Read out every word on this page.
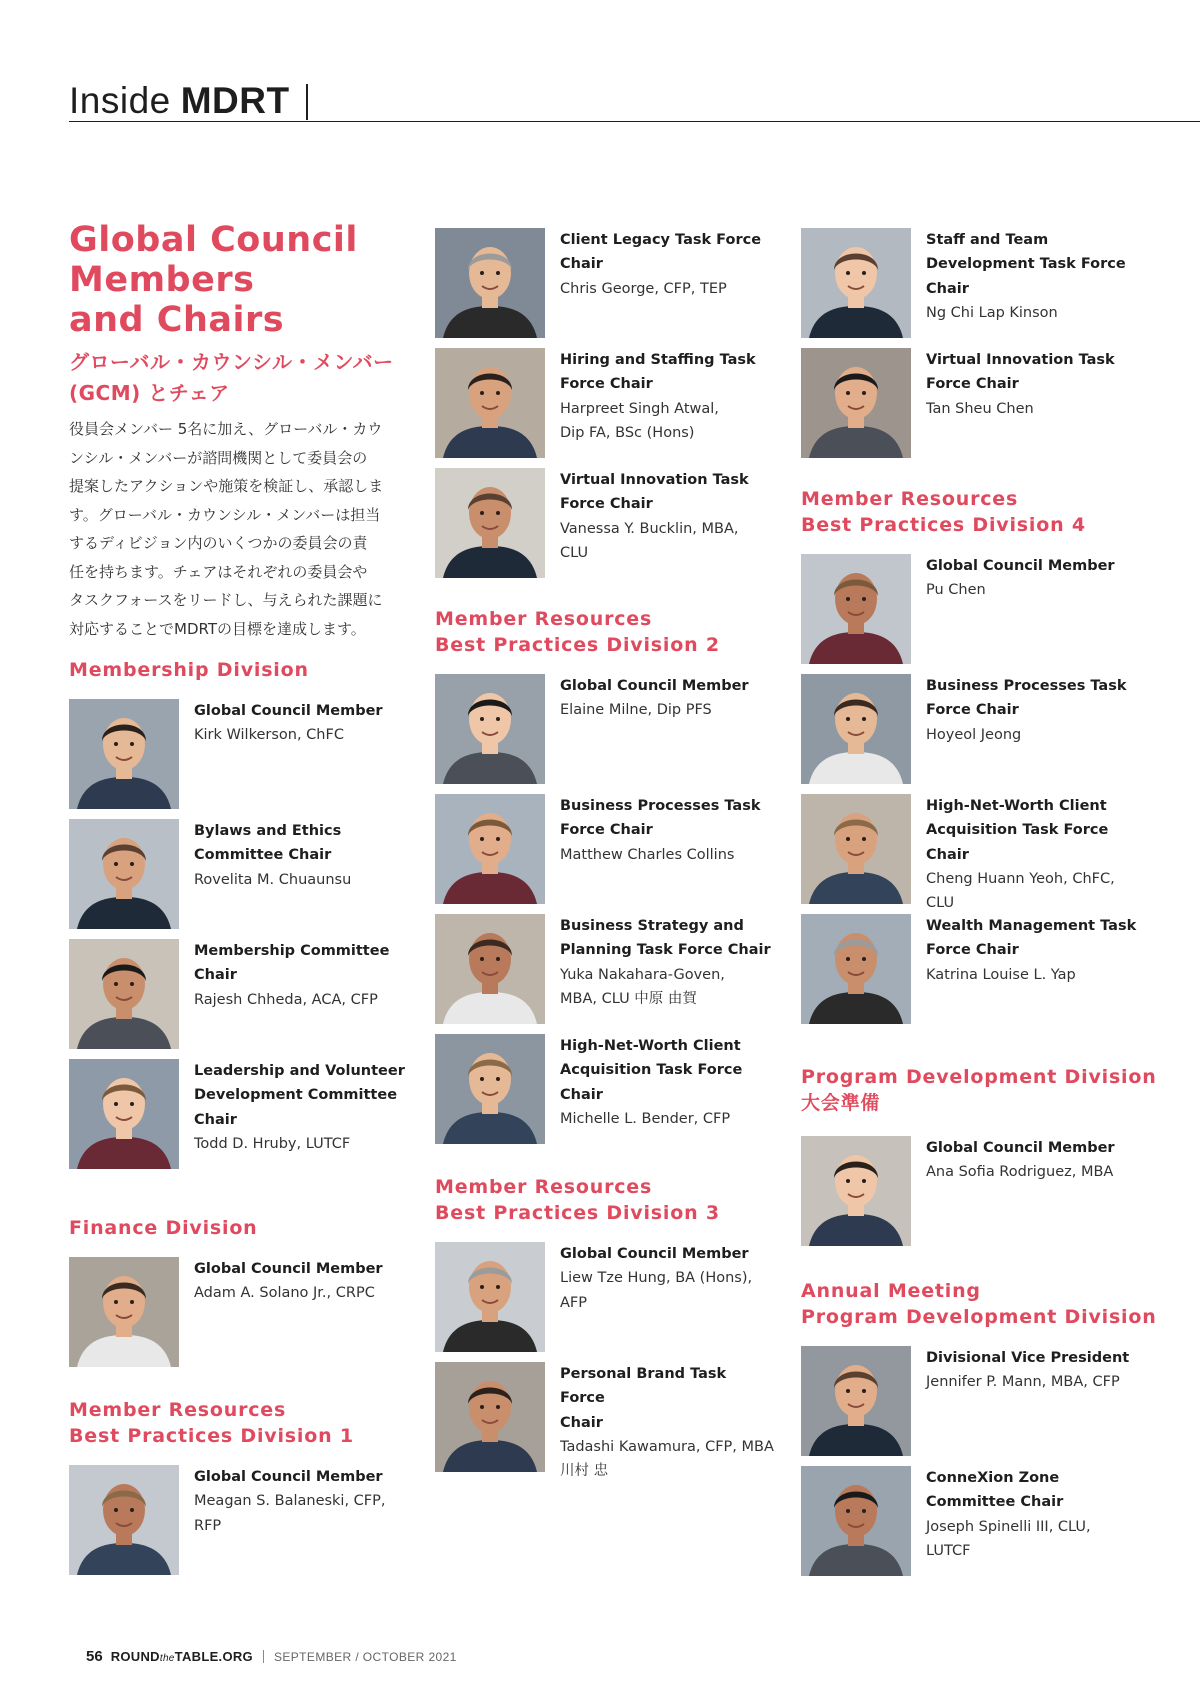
Inside MDRT
Global Council
Members
and Chairs
グローバル・カウンシル・メンバー
(GCM) とチェア
役員会メンバー 5名に加え、グローバル・カウ
ンシル・メンバーが諮問機関として委員会の
提案したアクションや施策を検証し、承認しま
す。グローバル・カウンシル・メンバーは担当
するディビジョン内のいくつかの委員会の責
任を持ちます。チェアはそれぞれの委員会や
タスクフォースをリードし、与えられた課題に
対応することでMDRTの目標を達成します。
Membership Division
Global Council Member
Kirk Wilkerson, ChFC
Bylaws and Ethics
Committee Chair
Rovelita M. Chuaunsu
Membership Committee
Chair
Rajesh Chheda, ACA, CFP
Leadership and Volunteer
Development Committee
Chair
Todd D. Hruby, LUTCF
Finance Division
Global Council Member
Adam A. Solano Jr., CRPC
Member Resources
Best Practices Division 1
Global Council Member
Meagan S. Balaneski, CFP,
RFP
Client Legacy Task Force
Chair
Chris George, CFP, TEP
Hiring and Staffing Task
Force Chair
Harpreet Singh Atwal,
Dip FA, BSc (Hons)
Virtual Innovation Task
Force Chair
Vanessa Y. Bucklin, MBA,
CLU
Member Resources
Best Practices Division 2
Global Council Member
Elaine Milne, Dip PFS
Business Processes Task
Force Chair
Matthew Charles Collins
Business Strategy and
Planning Task Force Chair
Yuka Nakahara-Goven,
MBA, CLU 中原 由賀
High-Net-Worth Client
Acquisition Task Force
Chair
Michelle L. Bender, CFP
Member Resources
Best Practices Division 3
Global Council Member
Liew Tze Hung, BA (Hons),
AFP
Personal Brand Task Force
Chair
Tadashi Kawamura, CFP, MBA
川村 忠
Staff and Team
Development Task Force
Chair
Ng Chi Lap Kinson
Virtual Innovation Task
Force Chair
Tan Sheu Chen
Member Resources
Best Practices Division 4
Global Council Member
Pu Chen
Business Processes Task
Force Chair
Hoyeol Jeong
High-Net-Worth Client
Acquisition Task Force
Chair
Cheng Huann Yeoh, ChFC,
CLU
Wealth Management Task
Force Chair
Katrina Louise L. Yap
Program Development Division
大会準備
Global Council Member
Ana Sofia Rodriguez, MBA
Annual Meeting
Program Development Division
Divisional Vice President
Jennifer P. Mann, MBA, CFP
ConneXion Zone
Committee Chair
Joseph Spinelli III, CLU,
LUTCF
56 ROUNDtheTABLE.ORG SEPTEMBER / OCTOBER 2021
